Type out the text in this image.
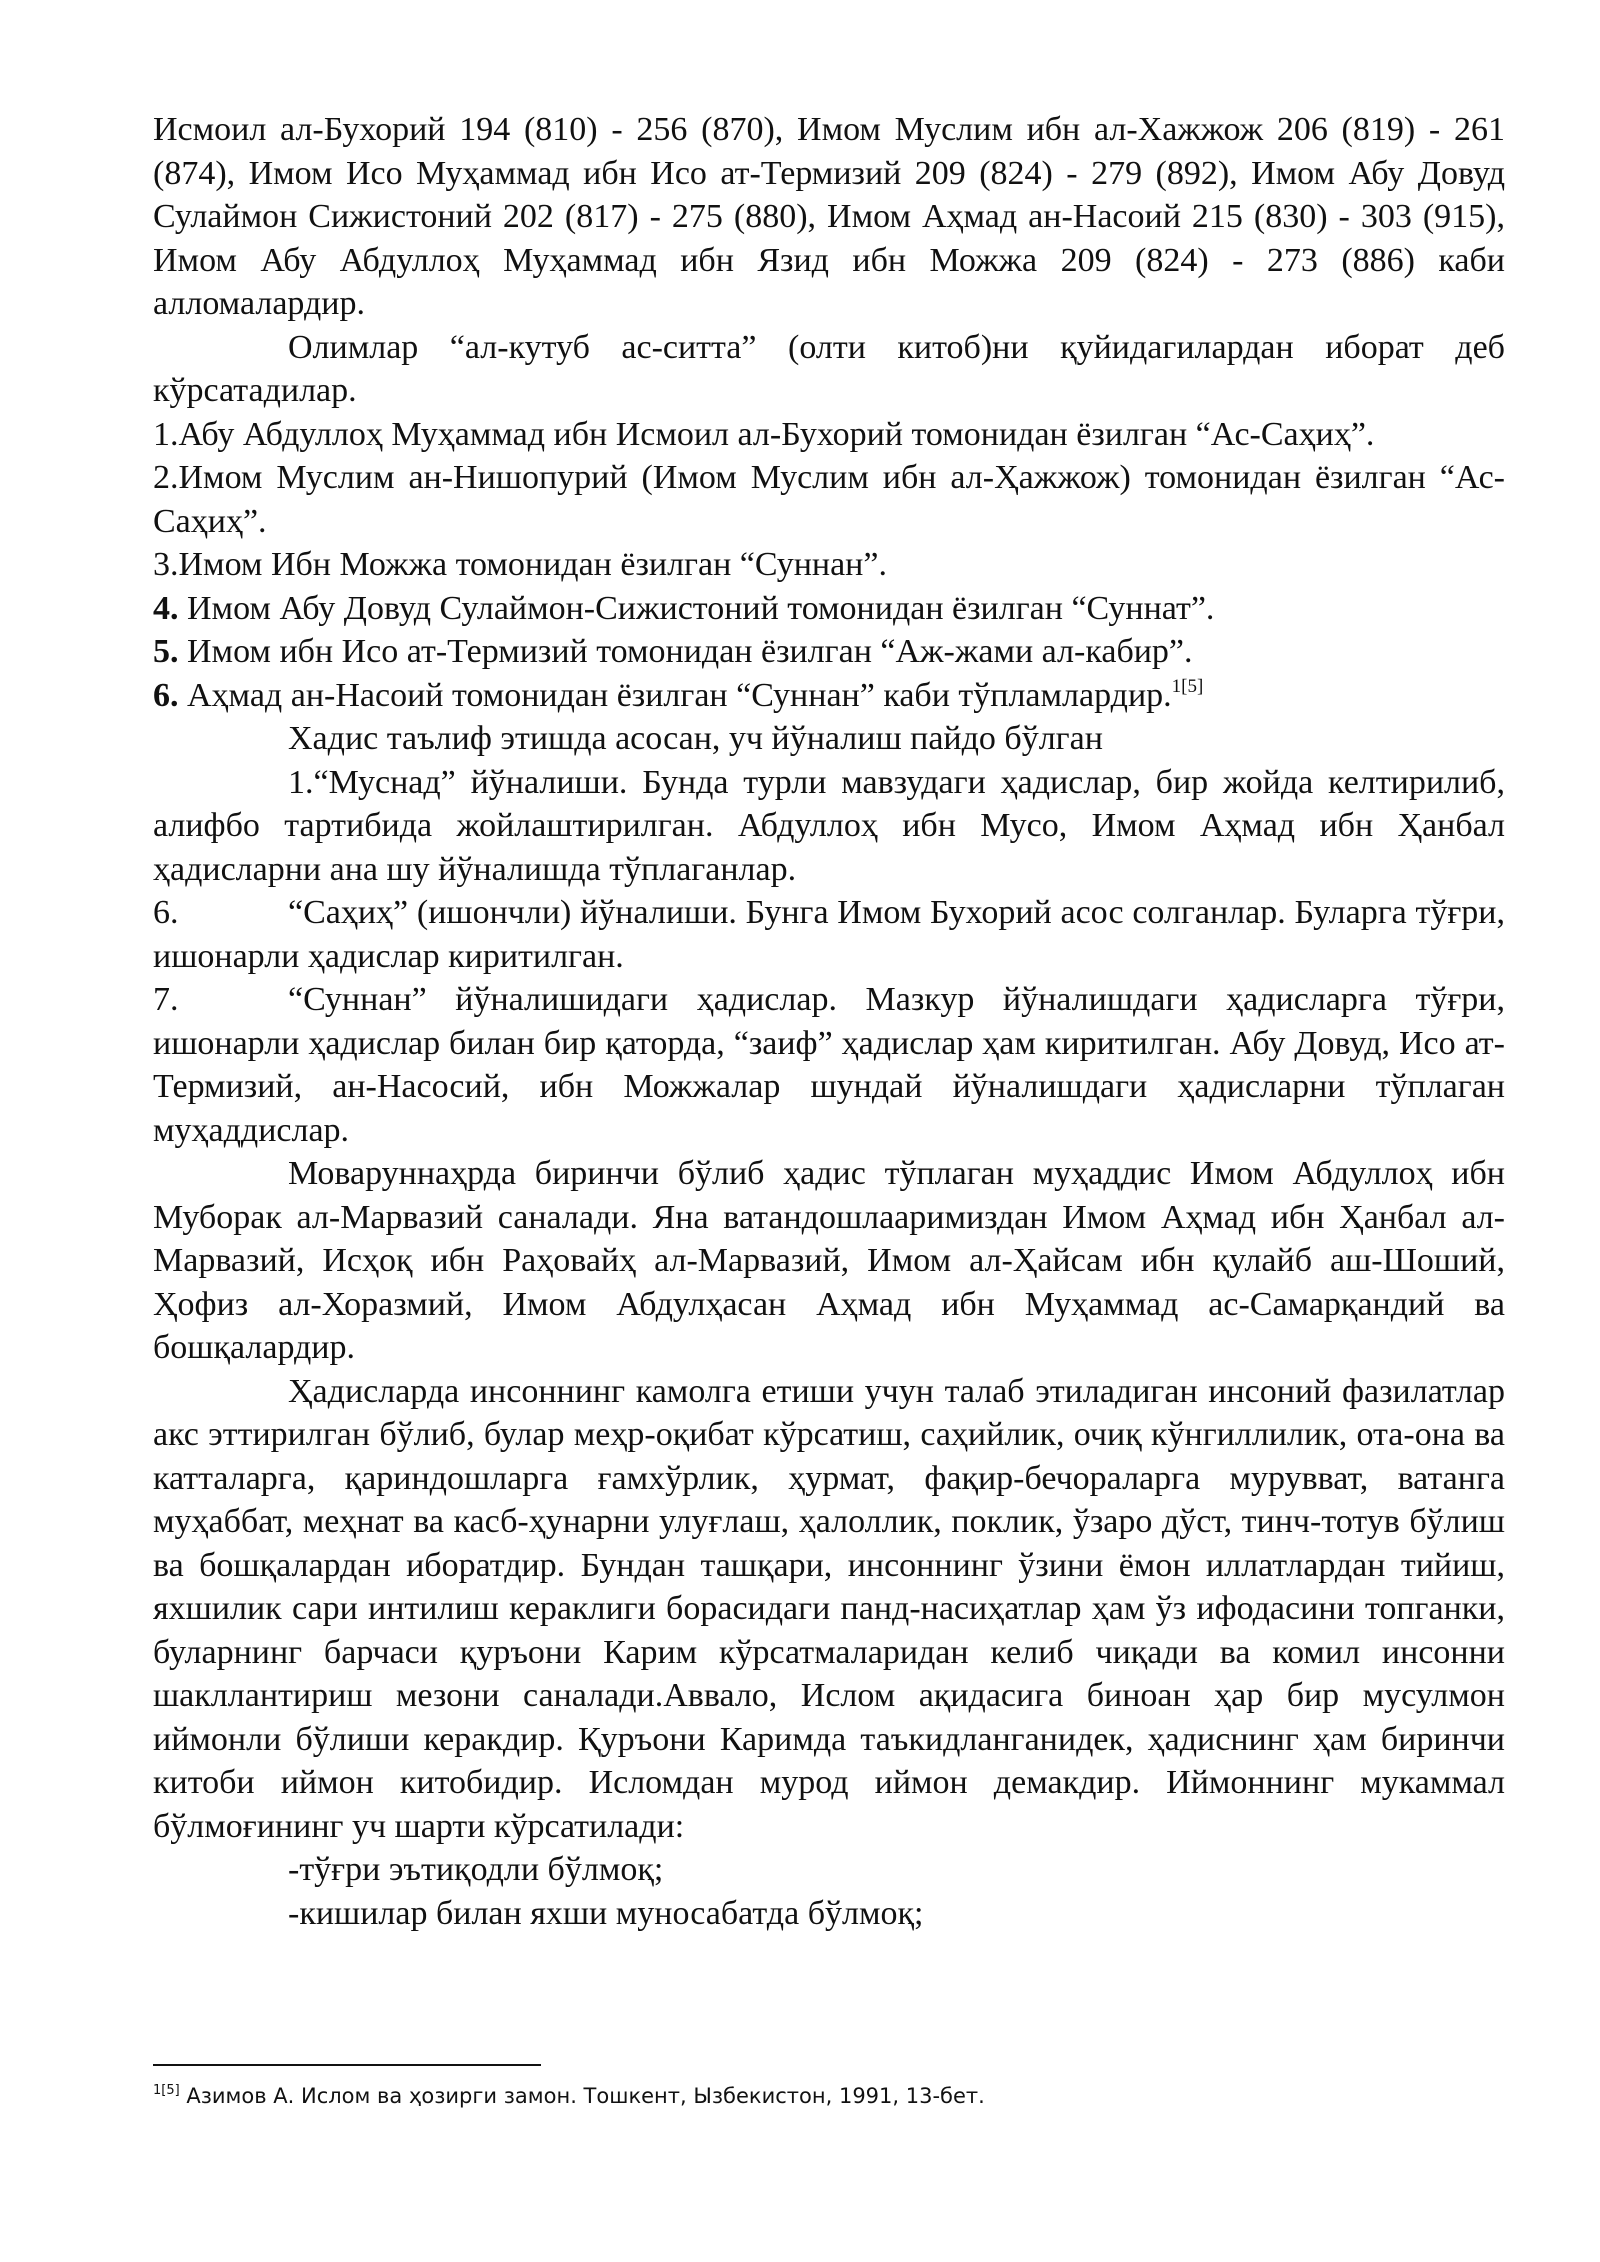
Исмоил ал-Бухорий 194 (810) - 256 (870), Имом Муслим ибн ал-Хажжож 206 (819) - 261 (874), Имом Исо Муҳаммад ибн Исо ат-Термизий 209 (824) - 279 (892), Имом Абу Довуд Сулаймон Сижистоний 202 (817) - 275 (880), Имом Аҳмад ан-Насоий 215 (830) - 303 (915), Имом Абу Абдуллоҳ Муҳаммад ибн Язид ибн Можжа 209 (824) - 273 (886) каби алломалардир.

Олимлар “ал-кутуб ас-ситта” (олти китоб)ни қуйидагилардан иборат деб кўрсатадилар.

1.Абу Абдуллоҳ Муҳаммад ибн Исмоил ал-Бухорий томонидан ёзилган “Ас-Саҳиҳ”.

2.Имом Муслим ан-Нишопурий (Имом Муслим ибн ал-Ҳажжож) томонидан ёзилган “Ас-Саҳиҳ”.

3.Имом Ибн Можжа томонидан ёзилган “Суннан”.

4. Имом Абу Довуд Сулаймон-Сижистоний томонидан ёзилган “Суннат”.

5. Имом ибн Исо ат-Термизий томонидан ёзилган “Аж-жами ал-кабир”.

6. Аҳмад ан-Насоий томонидан ёзилган “Суннан” каби тўпламлардир.$^{1[5]}$

Хадис таълиф этишда асосан, уч йўналиш пайдо бўлган

1.“Муснад” йўналиши. Бунда турли мавзудаги ҳадислар, бир жойда келтирилиб, алифбо тартибида жойлаштирилган. Абдуллоҳ ибн Мусо, Имом Аҳмад ибн Ҳанбал ҳадисларни ана шу йўналишда тўплаганлар.

6.	“Саҳиҳ” (ишончли) йўналиши. Бунга Имом Бухорий асос солганлар. Буларга тўғри, ишонарли ҳадислар киритилган.

7.	“Суннан” йўналишидаги ҳадислар. Мазкур йўналишдаги ҳадисларга тўғри, ишонарли ҳадислар билан бир қаторда, “заиф” ҳадислар ҳам киритилган. Абу Довуд, Исо ат-Термизий, ан-Насосий, ибн Можжалар шундай йўналишдаги ҳадисларни тўплаган муҳаддислар.

Моваруннаҳрда биринчи бўлиб ҳадис тўплаган муҳаддис Имом Абдуллоҳ ибн Муборак ал-Марвазий саналади. Яна ватандошлааримиздан Имом Аҳмад ибн Ҳанбал ал-Марвазий, Исҳоқ ибн Раҳовайҳ ал-Марвазий, Имом ал-Ҳайсам ибн қулайб аш-Шоший, Ҳофиз ал-Хоразмий, Имом Абдулҳасан Аҳмад ибн Муҳаммад ас-Самарқандий ва бошқалардир.

Ҳадисларда инсоннинг камолга етиши учун талаб этиладиган инсоний фазилатлар акс эттирилган бўлиб, булар меҳр-оқибат кўрсатиш, саҳийлик, очиқ кўнгиллилик, ота-она ва катталарга, қариндошларга ғамхўрлик, ҳурмат, фақир-бечораларга мурувват, ватанга муҳаббат, меҳнат ва касб-ҳунарни улуғлаш, ҳалоллик, поклик, ўзаро дўст, тинч-тотув бўлиш ва бошқалардан иборатдир. Бундан ташқари, инсоннинг ўзини ёмон иллатлардан тийиш, яхшилик сари интилиш кераклиги борасидаги панд-насиҳатлар ҳам ўз ифодасини топганки, буларнинг барчаси қуръони Карим кўрсатмаларидан келиб чиқади ва комил инсонни шакллантириш мезони саналади.Аввало, Ислом ақидасига биноан ҳар бир мусулмон иймонли бўлиши керакдир. Қуръони Каримда таъкидланганидек, ҳадиснинг ҳам биринчи китоби иймон китобидир. Исломдан мурод иймон демакдир. Иймоннинг мукаммал бўлмоғининг уч шарти кўрсатилади:

-тўғри эътиқодли бўлмоқ;

-кишилар билан яхши муносабатда бўлмоқ;

$^{1[5]}$ Азимов А. Ислом ва ҳозирги замон. Тошкент, Ызбекистон, 1991, 13-бет.
